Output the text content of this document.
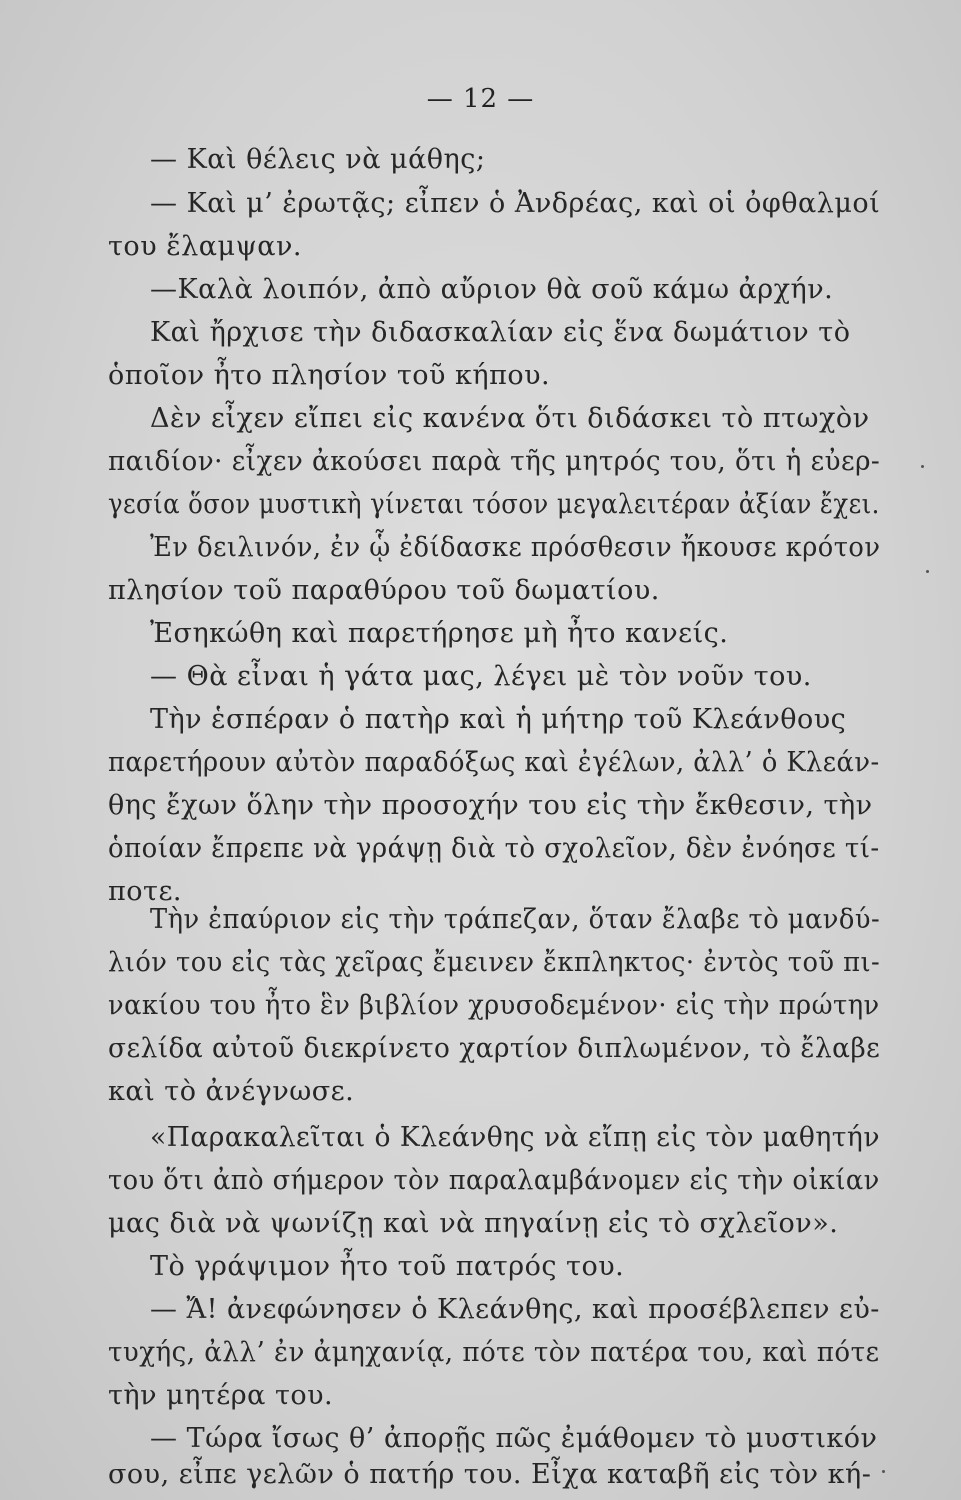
— 12 —
— Καὶ θέλεις νὰ μάθης;
— Καὶ μ’ ἐρωτᾷς; εἶπεν ὁ Ἀνδρέας, καὶ οἱ ὀφθαλμοί
του ἔλαμψαν.
—Καλὰ λοιπόν, ἀπὸ αὔριον θὰ σοῦ κάμω ἀρχήν.
Καὶ ἤρχισε τὴν διδασκαλίαν εἰς ἕνα δωμάτιον τὸ
ὁποῖον ἦτο πλησίον τοῦ κήπου.
Δὲν εἶχεν εἴπει εἰς κανένα ὅτι διδάσκει τὸ πτωχὸν
παιδίον· εἶχεν ἀκούσει παρὰ τῆς μητρός του, ὅτι ἡ εὐερ-
γεσία ὅσον μυστικὴ γίνεται τόσον μεγαλειτέραν ἀξίαν ἔχει.
Ἐν δειλινόν, ἐν ᾧ ἐδίδασκε πρόσθεσιν ἤκουσε κρότον
πλησίον τοῦ παραθύρου τοῦ δωματίου.
Ἐσηκώθη καὶ παρετήρησε μὴ ἦτο κανείς.
— Θὰ εἶναι ἡ γάτα μας, λέγει μὲ τὸν νοῦν του.
Τὴν ἑσπέραν ὁ πατὴρ καὶ ἡ μήτηρ τοῦ Κλεάνθους
παρετήρουν αὐτὸν παραδόξως καὶ ἐγέλων, ἀλλ’ ὁ Κλεάν-
θης ἔχων ὅλην τὴν προσοχήν του εἰς τὴν ἔκθεσιν, τὴν
ὁποίαν ἔπρεπε νὰ γράψῃ διὰ τὸ σχολεῖον, δὲν ἐνόησε τί-
ποτε.
Τὴν ἐπαύριον εἰς τὴν τράπεζαν, ὅταν ἔλαβε τὸ μανδύ-
λιόν του εἰς τὰς χεῖρας ἔμεινεν ἔκπληκτος· ἐντὸς τοῦ πι-
νακίου του ἦτο ἓν βιβλίον χρυσοδεμένον· εἰς τὴν πρώτην
σελίδα αὐτοῦ διεκρίνετο χαρτίον διπλωμένον, τὸ ἔλαβε
καὶ τὸ ἀνέγνωσε.
«Παρακαλεῖται ὁ Κλεάνθης νὰ εἴπῃ εἰς τὸν μαθητήν
του ὅτι ἀπὸ σήμερον τὸν παραλαμβάνομεν εἰς τὴν οἰκίαν
μας διὰ νὰ ψωνίζῃ καὶ νὰ πηγαίνῃ εἰς τὸ σχλεῖον».
Τὸ γράψιμον ἦτο τοῦ πατρός του.
— Ἄ! ἀνεφώνησεν ὁ Κλεάνθης, καὶ προσέβλεπεν εὐ-
τυχής, ἀλλ’ ἐν ἀμηχανίᾳ, πότε τὸν πατέρα του, καὶ πότε
τὴν μητέρα του.
— Τώρα ἴσως θ’ ἀπορῇς πῶς ἐμάθομεν τὸ μυστικόν
σου, εἶπε γελῶν ὁ πατήρ του. Εἶχα καταβῆ εἰς τὸν κή-
